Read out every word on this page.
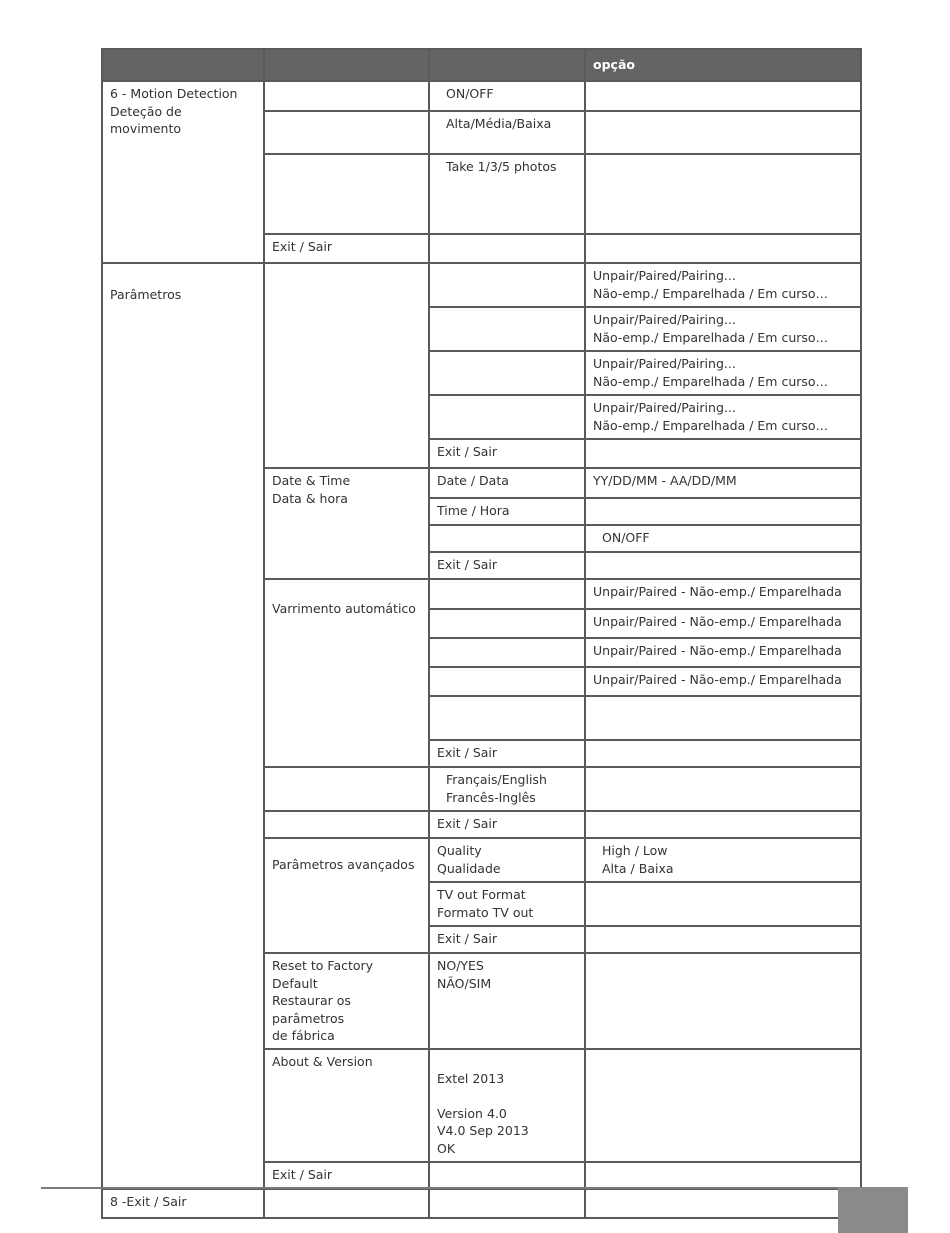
			opção
6 - Motion Detection
Deteção de movimento		ON/OFF	
		Alta/Média/Baixa	
		Take 1/3/5 photos	
	Exit / Sair		
Parâmetros			Unpair/Paired/Pairing...
Não-emp./ Emparelhada / Em curso…
			Unpair/Paired/Pairing...
Não-emp./ Emparelhada / Em curso…
			Unpair/Paired/Pairing...
Não-emp./ Emparelhada / Em curso…
			Unpair/Paired/Pairing...
Não-emp./ Emparelhada / Em curso…
		Exit / Sair	
	Date & Time
Data & hora	Date / Data	YY/DD/MM - AA/DD/MM
		Time / Hora	
			ON/OFF
		Exit / Sair	
	Varrimento automático		Unpair/Paired - Não-emp./ Emparelhada
			Unpair/Paired - Não-emp./ Emparelhada
			Unpair/Paired - Não-emp./ Emparelhada
			Unpair/Paired - Não-emp./ Emparelhada

		Exit / Sair	
		Français/English
Francês-Inglês	
		Exit / Sair	
	Parâmetros avançados	Quality
Qualidade	High / Low
Alta / Baixa
		TV out Format
Formato TV out	
		Exit / Sair	
	Reset to Factory Default
Restaurar os parâmetros
de fábrica	NO/YES
NÃO/SIM	
	About & Version	Extel 2013

Version 4.0
V4.0 Sep 2013
OK	
	Exit / Sair		
8 -Exit / Sair			
